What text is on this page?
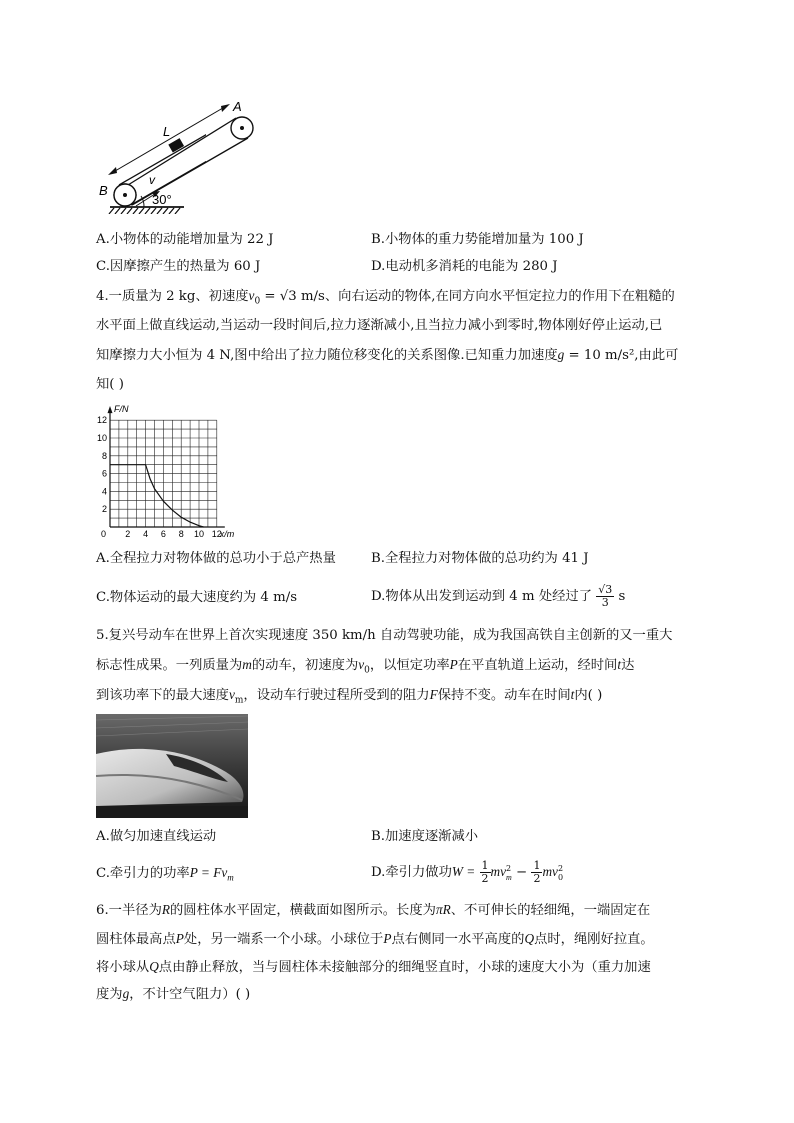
A
L
B
v
30°
A.小物体的动能增加量为 22 J	B.小物体的重力势能增加量为 100 J
C.因摩擦产生的热量为 60 J	D.电动机多消耗的电能为 280 J
4.一质量为 2 kg、初速度$v_0 = √3$ m/s、向右运动的物体,在同方向水平恒定拉力的作用下在粗糙的
水平面上做直线运动,当运动一段时间后,拉力逐渐减小,且当拉力减小到零时,物体刚好停止运动,已
知摩擦力大小恒为 4 N,图中给出了拉力随位移变化的关系图像.已知重力加速度g = 10 m/s²,由此可
知( )
2 4 6 8 10 12
12
10
8
6
4
2
0
F/N
x/m
A.全程拉力对物体做的总功小于总产热量	B.全程拉力对物体做的总功约为 41 J
C.物体运动的最大速度约为 4 m/s	D.物体从出发到运动到 4 m 处经过了 $\frac{√3}{3}$ s
5.复兴号动车在世界上首次实现速度 350 km/h 自动驾驶功能，成为我国高铁自主创新的又一重大
标志性成果。一列质量为m的动车，初速度为$v_0$，以恒定功率P在平直轨道上运动，经时间t达
到该功率下的最大速度$v_m$，设动车行驶过程所受到的阻力F保持不变。动车在时间t内( )
A.做匀加速直线运动	B.加速度逐渐减小
C.牵引力的功率$P = Fv_m$	D.牵引力做功$W = \frac{1}{2}$ mv 2
$m - \frac{1}{2}$ mv 2
0
6.一半径为R的圆柱体水平固定，横截面如图所示。长度为πR、不可伸长的轻细绳，一端固定在
圆柱体最高点P处，另一端系一个小球。小球位于P点右侧同一水平高度的Q点时，绳刚好拉直。
将小球从Q点由静止释放，当与圆柱体未接触部分的细绳竖直时，小球的速度大小为（重力加速
度为g，不计空气阻力）( )
